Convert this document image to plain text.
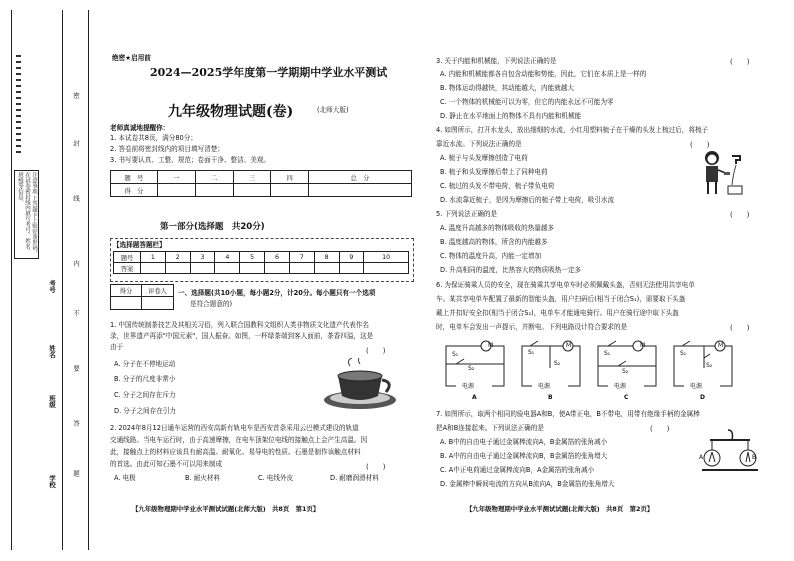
注意事项 上答题卡上贴好条形码，在试卷密封线内填写考号、姓名、班级等信息。
学校
班级
姓名
考号
密
封
线
内
不
要
答
题
绝密★启用前
2024—2025学年度第一学期期中学业水平测试
九年级物理试题(卷)	(北师大版)
老师真诚地提醒你：
1. 本试卷共8页，满分80分；
2. 答卷前将密封线内的项目填写清楚；
3. 书写要认真、工整、规范；卷面干净、整洁、美观。
题　号	一	二	三	四	总　分
得　分					
第一部分(选择题　共20分)
【选择题答题栏】
题号	1	2	3	4	5	6	7	8	9	10
答案										
得分	评卷人
	一、选择题(共10小题，每小题2分，计20分。每小题只有一个选项
是符合题意的)
1. 中国传统制茶技艺及其相关习俗，列入联合国教科文组织人类非物质文化遗产代表作名
录，世界遗产再添"中国元素"，国人振奋。如图，一杯绿茶端到客人面前，茶香四溢，这是
由于	(　　)
A. 分子在不停地运动
B. 分子的尺度非常小
C. 分子之间存在斥力
D. 分子之间存在引力
2. 2024年8月12日通车运营的西安高新有轨电车是西安首条采用云巴模式建设的轨道
交通线路。当电车运行时，由于高速摩擦，在电车顶架位电线的接触点上会产生高温。因
此，接触点上的材料应该具有耐高温、耐氧化、易导电的性质。石墨是制作该触点材料
的首选。由此可知石墨不可以用来制成	(　　)
A. 电极	B. 耐火材料	C. 电线外皮	D. 耐磨润滑材料
【九年级物理期中学业水平测试试题(北师大版)　共8页　第1页】
3. 关于内能和机械能，下列说法正确的是	(　　)
A. 内能和机械能都各自包含动能和势能，因此，它们在本质上是一样的
B. 物体运动得越快，其动能越大，内能就越大
C. 一个物体的机械能可以为零，但它的内能永远不可能为零
D. 静止在水平地面上的物体不具有内能和机械能
4. 如图所示，打开水龙头，放出细细的水流，小红用塑料梳子在干燥的头发上梳过后，将梳子
靠近水流。下列说法正确的是	(　　)
A. 梳子与头发摩擦创造了电荷
B. 梳子和头发摩擦后带上了同种电荷
C. 梳过的头发不带电荷，梳子带负电荷
D. 水流靠近梳子，是因为摩擦后的梳子带上电荷，吸引水流
5. 下列说法正确的是	(　　)
A. 温度升高越多的物体吸收的热量越多
B. 温度越高的物体，所含的内能越多
C. 物体的温度升高，内能一定增加
D. 升高相同的温度，比热容大的物质吸热一定多
6. 为保证骑乘人员的安全，现在骑乘共享电单车时必须佩戴头盔，否则无法使用共享电单
车。某共享电单车配置了最新的智能头盔，用户扫码后(相当于闭合S₁)，需要取下头盔
戴上并扣好安全扣(相当于闭合S₂)，电单车才能通电骑行。用户在骑行途中取下头盔
时，电单车会发出一声提示，并断电。下列电路设计符合要求的是	(　　)
M
S₁
S₂
电源
A
M
S₁
S₂
电源
B
M
S₁
S₂
电源
C
M
S₁
S₂
电源
D
7. 如图所示，取两个相同的验电器A和B，使A带正电，B不带电，用带有绝缘手柄的金属棒
把A和B连接起来。下列说法正确的是	(　　)
A. B中的自由电子通过金属棒流向A，B金属箔的张角减小
B. A中的自由电子通过金属棒流向B，B金属箔的张角增大
C. A中正电荷通过金属棒流向B，A金属箔的张角减小
D. 金属棒中瞬间电流的方向从B流向A，B金属箔的张角增大
A	B
【九年级物理期中学业水平测试试题(北师大版)　共8页　第2页】
